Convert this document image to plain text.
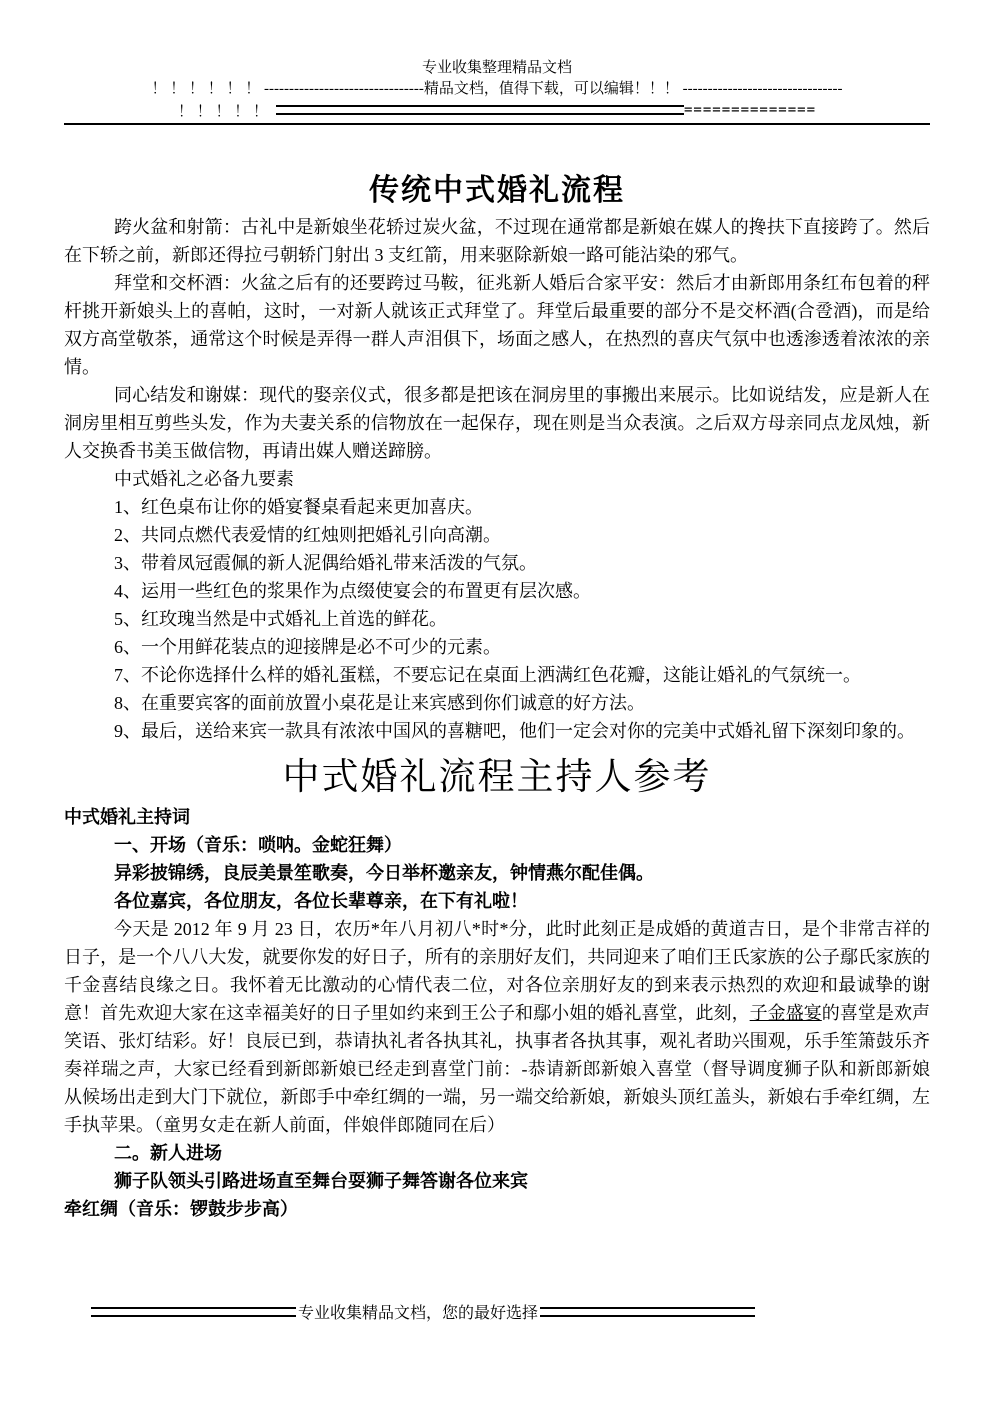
专业收集整理精品文档
！ ！ ！ ！ ！ ！ --------------------------------精品文档，值得下载，可以编辑！！！ --------------------------------
！ ！ ！ ！ ！	==============
传统中式婚礼流程

跨火盆和射箭：古礼中是新娘坐花轿过炭火盆，不过现在通常都是新娘在媒人的搀扶下直接跨了。然后在下轿之前，新郎还得拉弓朝轿门射出 3 支红箭，用来驱除新娘一路可能沾染的邪气。

拜堂和交杯酒：火盆之后有的还要跨过马鞍，征兆新人婚后合家平安：然后才由新郎用条红布包着的秤杆挑开新娘头上的喜帕，这时，一对新人就该正式拜堂了。拜堂后最重要的部分不是交杯酒(合卺酒)，而是给双方高堂敬茶，通常这个时候是弄得一群人声泪俱下，场面之感人，在热烈的喜庆气氛中也透渗透着浓浓的亲情。

同心结发和谢媒：现代的娶亲仪式，很多都是把该在洞房里的事搬出来展示。比如说结发，应是新人在洞房里相互剪些头发，作为夫妻关系的信物放在一起保存，现在则是当众表演。之后双方母亲同点龙凤烛，新人交换香书美玉做信物，再请出媒人赠送蹄膀。

中式婚礼之必备九要素

1、红色桌布让你的婚宴餐桌看起来更加喜庆。

2、共同点燃代表爱情的红烛则把婚礼引向高潮。

3、带着凤冠霞佩的新人泥偶给婚礼带来活泼的气氛。

4、运用一些红色的浆果作为点缀使宴会的布置更有层次感。

5、红玫瑰当然是中式婚礼上首选的鲜花。

6、一个用鲜花装点的迎接牌是必不可少的元素。

7、不论你选择什么样的婚礼蛋糕，不要忘记在桌面上洒满红色花瓣，这能让婚礼的气氛统一。

8、在重要宾客的面前放置小桌花是让来宾感到你们诚意的好方法。

9、最后，送给来宾一款具有浓浓中国风的喜糖吧，他们一定会对你的完美中式婚礼留下深刻印象的。

中式婚礼流程主持人参考

中式婚礼主持词

一、开场（音乐：唢呐。金蛇狂舞）

异彩披锦绣，良辰美景笙歌奏，今日举杯邀亲友，钟情燕尔配佳偶。

各位嘉宾，各位朋友，各位长辈尊亲，在下有礼啦！

今天是 2012 年 9 月 23 日，农历*年八月初八*时*分，此时此刻正是成婚的黄道吉日，是个非常吉祥的日子，是一个八八大发，就要你发的好日子，所有的亲朋好友们，共同迎来了咱们王氏家族的公子鄢氏家族的千金喜结良缘之日。我怀着无比激动的心情代表二位，对各位亲朋好友的到来表示热烈的欢迎和最诚挚的谢意！首先欢迎大家在这幸福美好的日子里如约来到王公子和鄢小姐的婚礼喜堂，此刻，子金盛宴的喜堂是欢声笑语、张灯结彩。好！良辰已到，恭请执礼者各执其礼，执事者各执其事，观礼者助兴围观，乐手笙箫鼓乐齐奏祥瑞之声，大家已经看到新郎新娘已经走到喜堂门前：-恭请新郎新娘入喜堂（督导调度狮子队和新郎新娘从候场出走到大门下就位，新郎手中牵红绸的一端，另一端交给新娘，新娘头顶红盖头，新娘右手牵红绸，左手执苹果。（童男女走在新人前面，伴娘伴郎随同在后）

二。新人进场

狮子队领头引路进场直至舞台耍狮子舞答谢各位来宾

牵红绸（音乐：锣鼓步步高）

专业收集精品文档，您的最好选择
